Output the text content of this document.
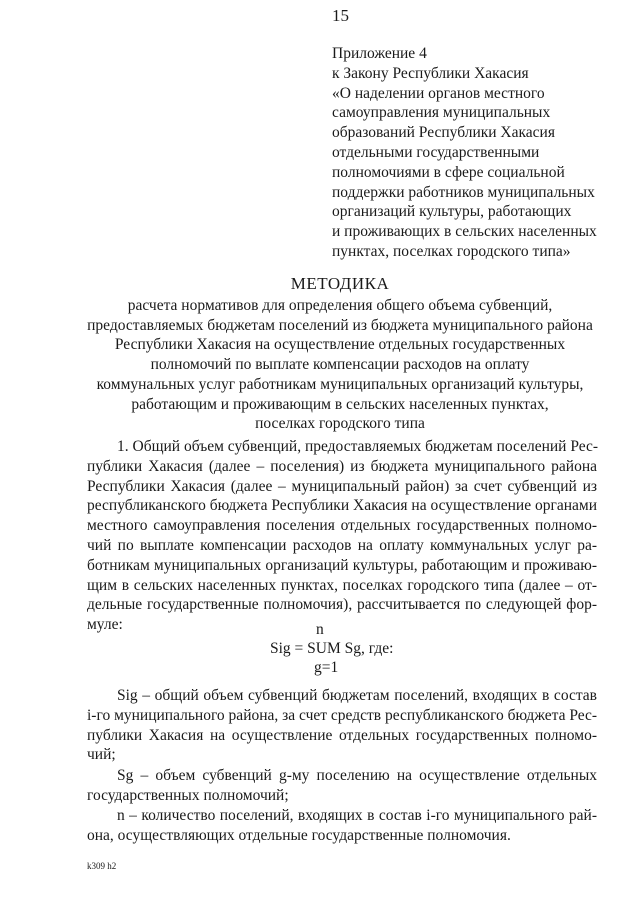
15
Приложение 4
к Закону Республики Хакасия
«О наделении органов местного
самоуправления муниципальных
образований Республики Хакасия
отдельными государственными
полномочиями в сфере социальной
поддержки работников муниципальных
организаций культуры, работающих
и проживающих в сельских населенных
пунктах, поселках городского типа»
МЕТОДИКА
расчета нормативов для определения общего объема субвенций,
предоставляемых бюджетам поселений из бюджета муниципального района
Республики Хакасия на осуществление отдельных государственных
полномочий по выплате компенсации расходов на оплату
коммунальных услуг работникам муниципальных организаций культуры,
работающим и проживающим в сельских населенных пунктах,
поселках городского типа
1. Общий объем субвенций, предоставляемых бюджетам поселений Рес-
публики Хакасия (далее – поселения) из бюджета муниципального района
Республики Хакасия (далее – муниципальный район) за счет субвенций из
республиканского бюджета Республики Хакасия на осуществление органами
местного самоуправления поселения отдельных государственных полномо-
чий по выплате компенсации расходов на оплату коммунальных услуг ра-
ботникам муниципальных организаций культуры, работающим и проживаю-
щим в сельских населенных пунктах, поселках городского типа (далее – от-
дельные государственные полномочия), рассчитывается по следующей фор-
муле:	n
Sig = SUM Sg, где:
g=1
Sig – общий объем субвенций бюджетам поселений, входящих в состав
i-го муниципального района, за счет средств республиканского бюджета Рес-
публики Хакасия на осуществление отдельных государственных полномо-
чий;
Sg – объем субвенций g-му поселению на осуществление отдельных
государственных полномочий;
n – количество поселений, входящих в состав i-го муниципального рай-
она, осуществляющих отдельные государственные полномочия.
k309 h2
